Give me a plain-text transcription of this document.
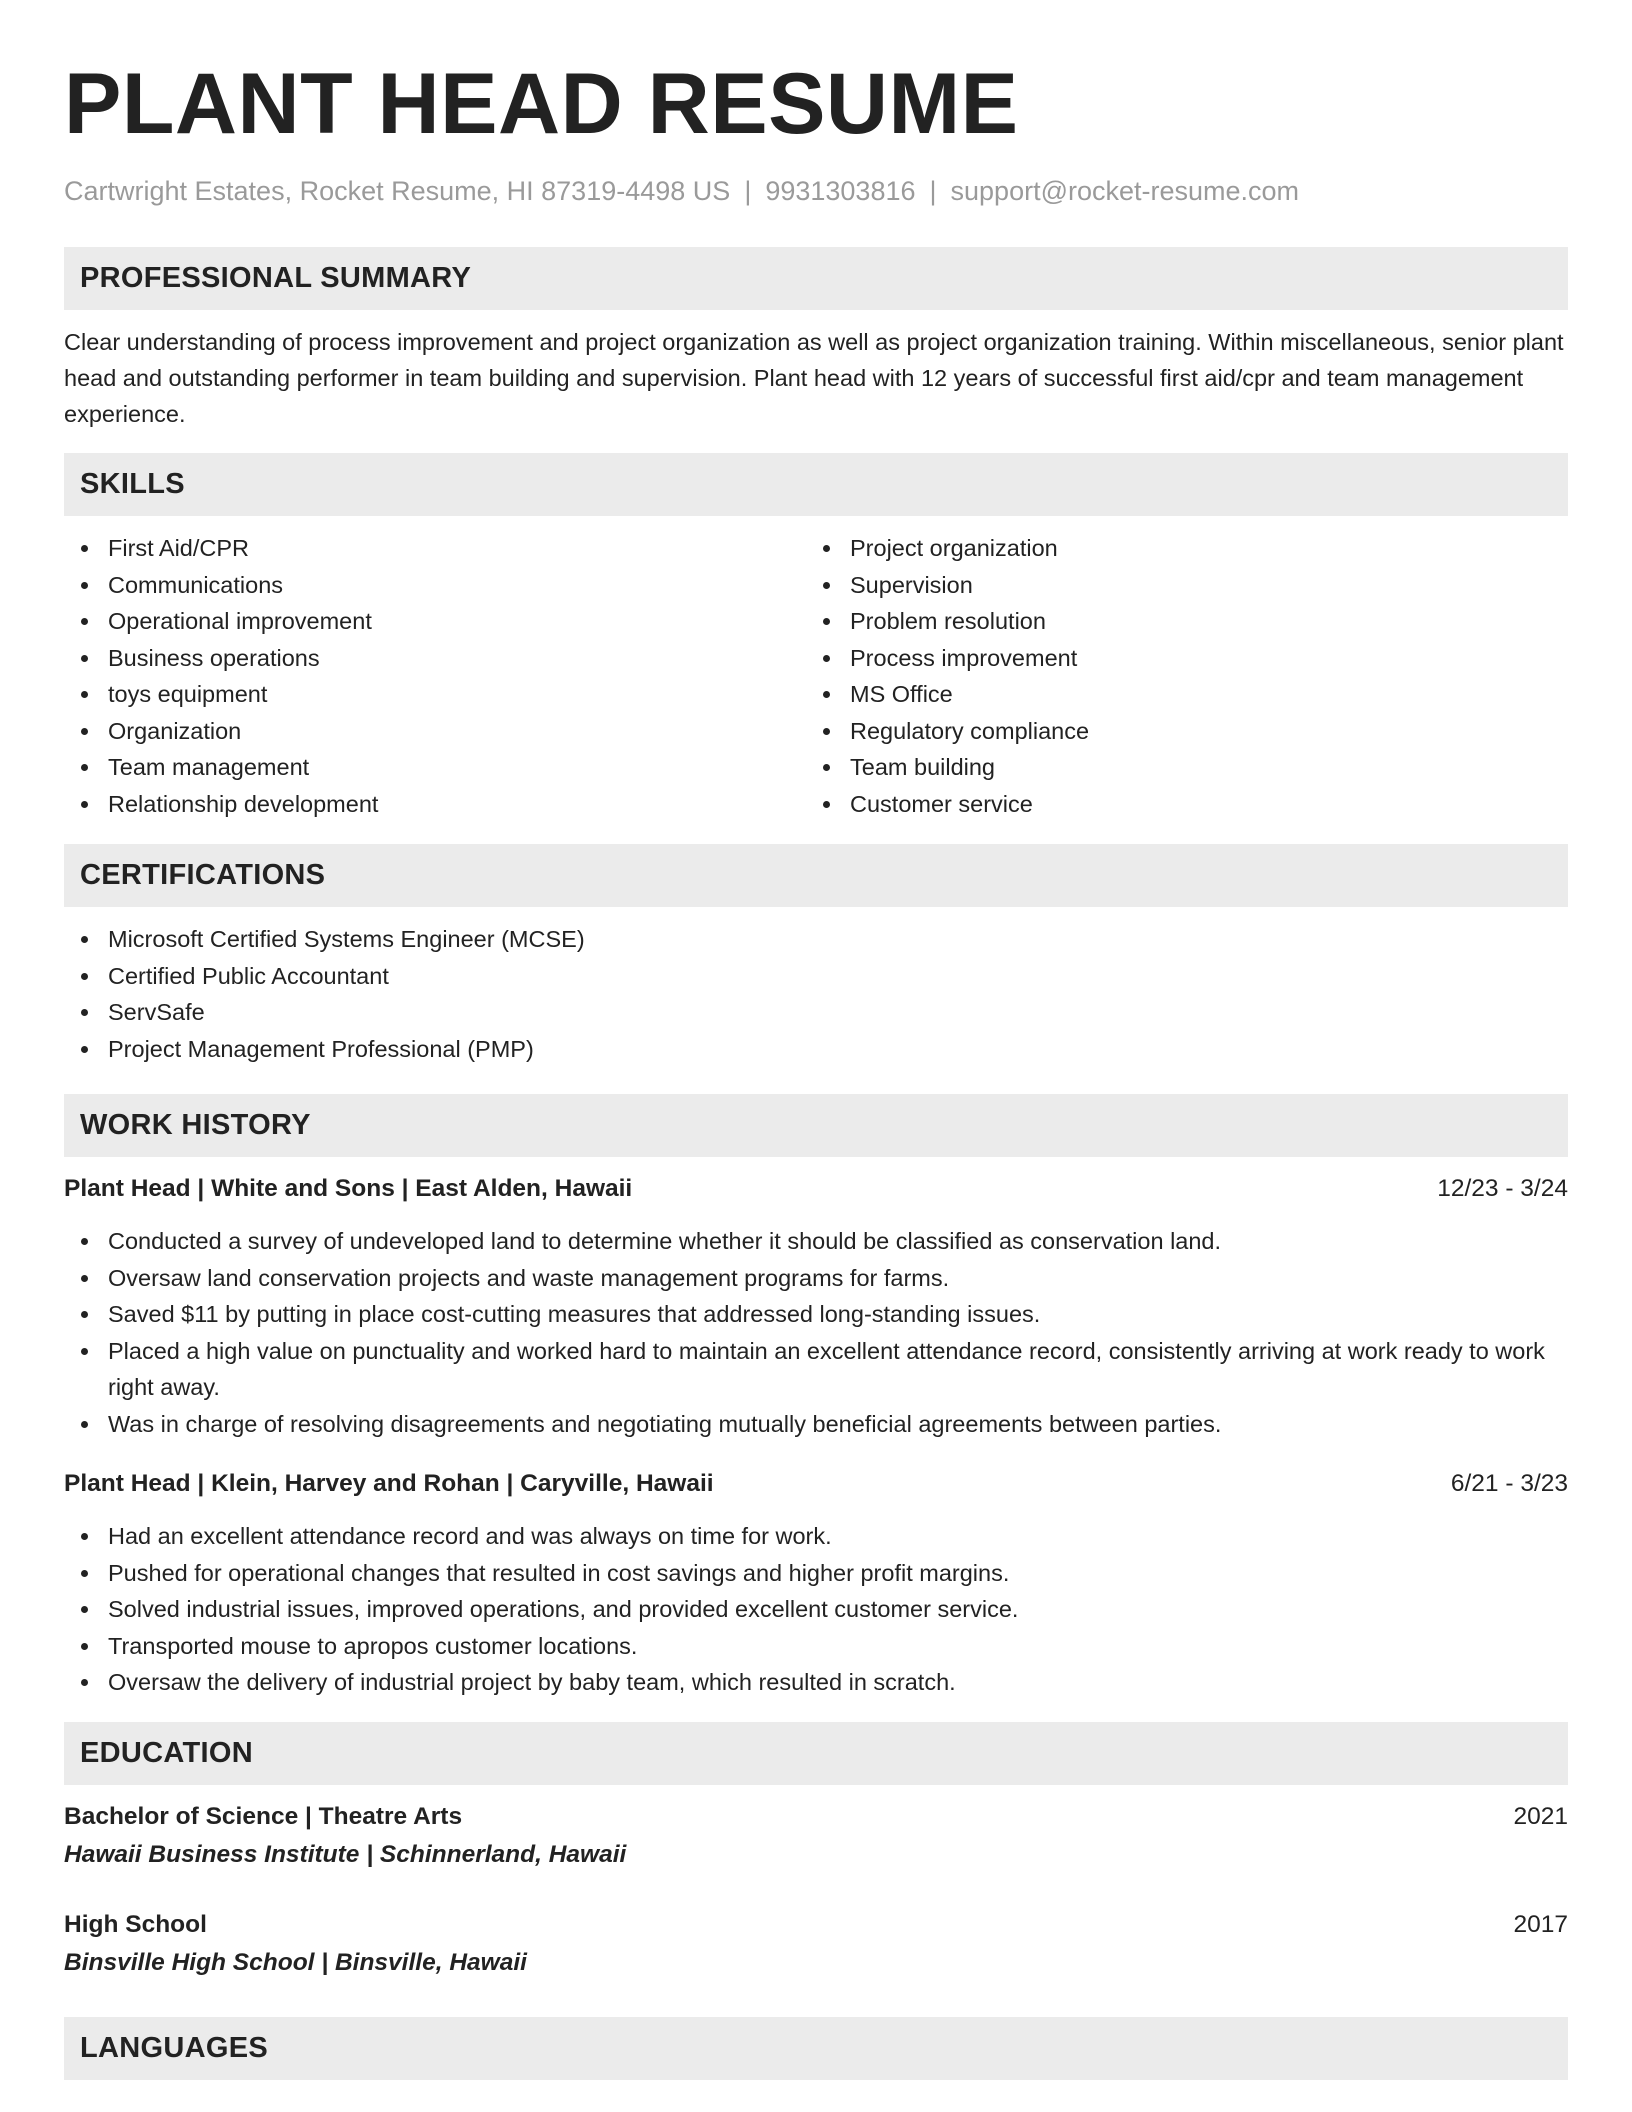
PLANT HEAD RESUME
Cartwright Estates, Rocket Resume, HI 87319-4498 US | 9931303816 | support@rocket-resume.com
PROFESSIONAL SUMMARY

Clear understanding of process improvement and project organization as well as project organization training. Within miscellaneous, senior plant head and outstanding performer in team building and supervision. Plant head with 12 years of successful first aid/cpr and team management experience.

SKILLS
First Aid/CPR
Communications
Operational improvement
Business operations
toys equipment
Organization
Team management
Relationship development
Project organization
Supervision
Problem resolution
Process improvement
MS Office
Regulatory compliance
Team building
Customer service
CERTIFICATIONS
Microsoft Certified Systems Engineer (MCSE)
Certified Public Accountant
ServSafe
Project Management Professional (PMP)
WORK HISTORY
Plant Head | White and Sons | East Alden, Hawaii	12/23 - 3/24
Conducted a survey of undeveloped land to determine whether it should be classified as conservation land.
Oversaw land conservation projects and waste management programs for farms.
Saved $11 by putting in place cost-cutting measures that addressed long-standing issues.
Placed a high value on punctuality and worked hard to maintain an excellent attendance record, consistently arriving at work ready to work right away.
Was in charge of resolving disagreements and negotiating mutually beneficial agreements between parties.
Plant Head | Klein, Harvey and Rohan | Caryville, Hawaii	6/21 - 3/23
Had an excellent attendance record and was always on time for work.
Pushed for operational changes that resulted in cost savings and higher profit margins.
Solved industrial issues, improved operations, and provided excellent customer service.
Transported mouse to apropos customer locations.
Oversaw the delivery of industrial project by baby team, which resulted in scratch.
EDUCATION
Bachelor of Science | Theatre Arts	2021
Hawaii Business Institute | Schinnerland, Hawaii
High School	2017
Binsville High School | Binsville, Hawaii
LANGUAGES
